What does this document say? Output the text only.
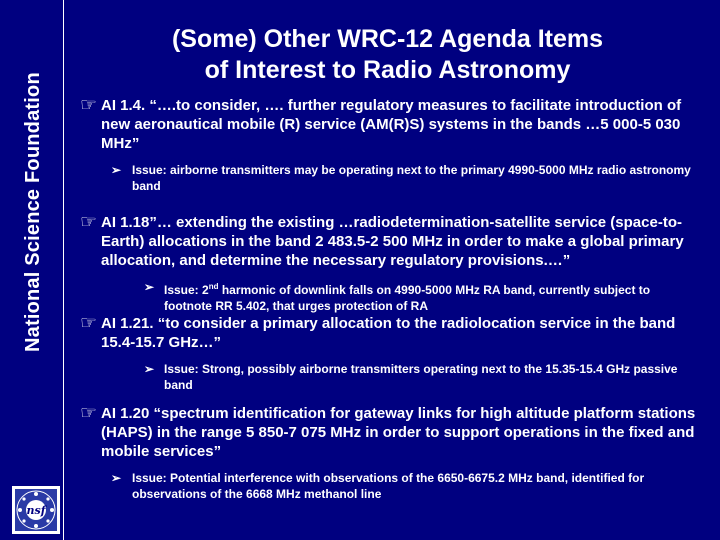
National Science Foundation
(Some) Other WRC-12 Agenda Items
of Interest to Radio Astronomy
☞ AI 1.4. “….to consider, …. further regulatory measures to facilitate introduction of new aeronautical mobile (R) service (AM(R)S) systems in the bands …5 000-5 030 MHz”
➢ Issue: airborne transmitters may be operating next to the primary 4990-5000 MHz radio astronomy band
☞ AI 1.18”… extending the existing …radiodetermination-satellite service (space-to-Earth) allocations in the band 2 483.5-2 500 MHz in order to make a global primary allocation, and determine the necessary regulatory provisions.…”
➢ Issue: 2nd harmonic of downlink falls on 4990-5000 MHz RA band, currently subject to footnote RR 5.402, that urges protection of RA
☞ AI 1.21. “to consider a primary allocation to the radiolocation service in the band 15.4-15.7 GHz…”
➢ Issue: Strong, possibly airborne transmitters operating next to the 15.35-15.4 GHz passive band
☞ AI 1.20 “spectrum identification for gateway links for high altitude platform stations (HAPS) in the range 5 850-7 075 MHz in order to support operations in the fixed and mobile services”
➢ Issue: Potential interference with observations of the 6650-6675.2 MHz band, identified for observations of the 6668 MHz methanol line
nsf
